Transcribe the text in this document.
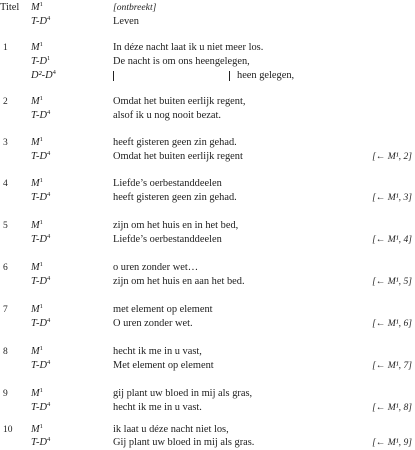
Titel $M^1$	[ontbreekt]
$T-D^4$	Leven
1 $M^1$	In déze nacht laat ik u niet meer los.
$T-D^1$	De nacht is om ons heengelegen,
$D^2-D^4$	heen gelegen,
2 $M^1$	Omdat het buiten eerlijk regent,
$T-D^4$	alsof ik u nog nooit bezat.
3 $M^1$	heeft gisteren geen zin gehad.
$T-D^4$	Omdat het buiten eerlijk regent	[← M¹, 2]
4 $M^1$	Liefde’s oerbestanddeelen
$T-D^4$	heeft gisteren geen zin gehad.	[← M¹, 3]
5 $M^1$	zijn om het huis en in het bed,
$T-D^4$	Liefde’s oerbestanddeelen	[← M¹, 4]
6 $M^1$	o uren zonder wet…
$T-D^4$	zijn om het huis en aan het bed.	[← M¹, 5]
7 $M^1$	met element op element
$T-D^4$	O uren zonder wet.	[← M¹, 6]
8 $M^1$	hecht ik me in u vast,
$T-D^4$	Met element op element	[← M¹, 7]
9 $M^1$	gij plant uw bloed in mij als gras,
$T-D^4$	hecht ik me in u vast.	[← M¹, 8]
10 $M^1$	ik laat u déze nacht niet los,
$T-D^4$	Gij plant uw bloed in mij als gras.	[← M¹, 9]
